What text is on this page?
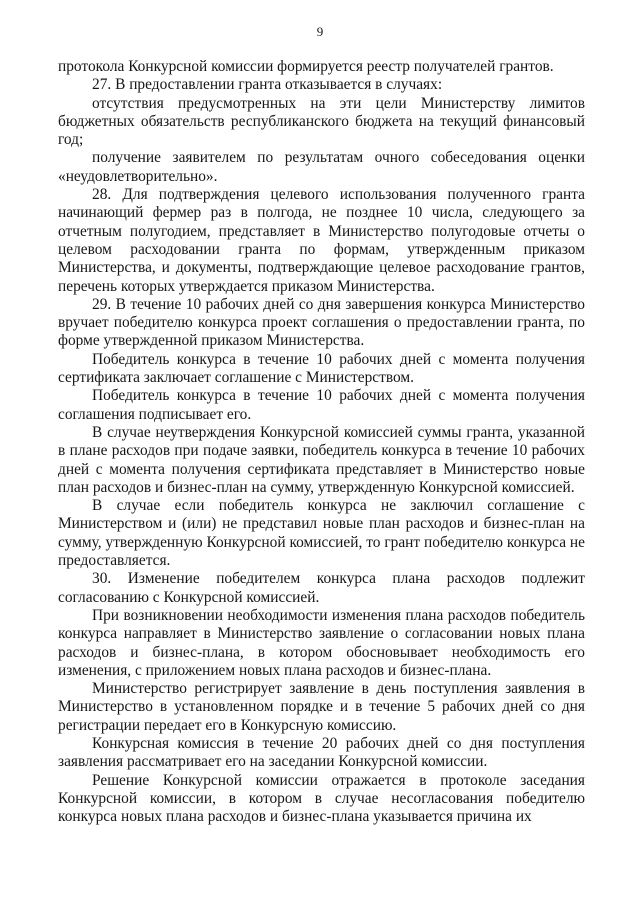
9

протокола Конкурсной комиссии формируется реестр получателей грантов.

27. В предоставлении гранта отказывается в случаях:

отсутствия предусмотренных на эти цели Министерству лимитов бюджетных обязательств республиканского бюджета на текущий финансовый год;

получение заявителем по результатам очного собеседования оценки «неудовлетворительно».

28. Для подтверждения целевого использования полученного гранта начинающий фермер раз в полгода, не позднее 10 числа, следующего за отчетным полугодием, представляет в Министерство полугодовые отчеты о целевом расходовании гранта по формам, утвержденным приказом Министерства, и документы, подтверждающие целевое расходование грантов, перечень которых утверждается приказом Министерства.

29. В течение 10 рабочих дней со дня завершения конкурса Министерство вручает победителю конкурса проект соглашения о предоставлении гранта, по форме утвержденной приказом Министерства.

Победитель конкурса в течение 10 рабочих дней с момента получения сертификата заключает соглашение с Министерством.

Победитель конкурса в течение 10 рабочих дней с момента получения соглашения подписывает его.

В случае неутверждения Конкурсной комиссией суммы гранта, указанной в плане расходов при подаче заявки, победитель конкурса в течение 10 рабочих дней с момента получения сертификата представляет в Министерство новые план расходов и бизнес-план на сумму, утвержденную Конкурсной комиссией.

В случае если победитель конкурса не заключил соглашение с Министерством и (или) не представил новые план расходов и бизнес-план на сумму, утвержденную Конкурсной комиссией, то грант победителю конкурса не предоставляется.

30. Изменение победителем конкурса плана расходов подлежит согласованию с Конкурсной комиссией.

При возникновении необходимости изменения плана расходов победитель конкурса направляет в Министерство заявление о согласовании новых плана расходов и бизнес-плана, в котором обосновывает необходимость его изменения, с приложением новых плана расходов и бизнес-плана.

Министерство регистрирует заявление в день поступления заявления в Министерство в установленном порядке и в течение 5 рабочих дней со дня регистрации передает его в Конкурсную комиссию.

Конкурсная комиссия в течение 20 рабочих дней со дня поступления заявления рассматривает его на заседании Конкурсной комиссии.

Решение Конкурсной комиссии отражается в протоколе заседания Конкурсной комиссии, в котором в случае несогласования победителю конкурса новых плана расходов и бизнес-плана указывается причина их
